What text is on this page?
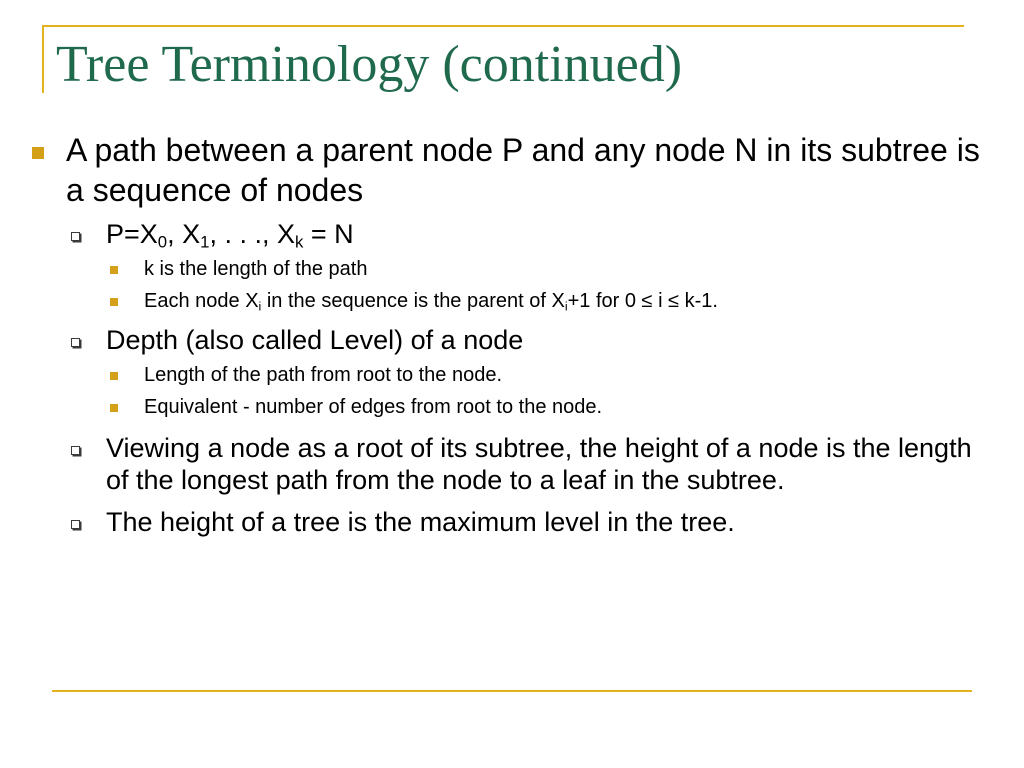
Tree Terminology (continued)
A path between a parent node P and any node N in its subtree is a sequence of nodes
$P=X_0$, $X_1$, . . ., $X_k = N$
k is the length of the path
Each node $X_i$ in the sequence is the parent of $X_i+1$ for 0 ≤ i ≤ k-1.
Depth (also called Level) of a node
Length of the path from root to the node.
Equivalent - number of edges from root to the node.
Viewing a node as a root of its subtree, the height of a node is the length of the longest path from the node to a leaf in the subtree.
The height of a tree is the maximum level in the tree.
